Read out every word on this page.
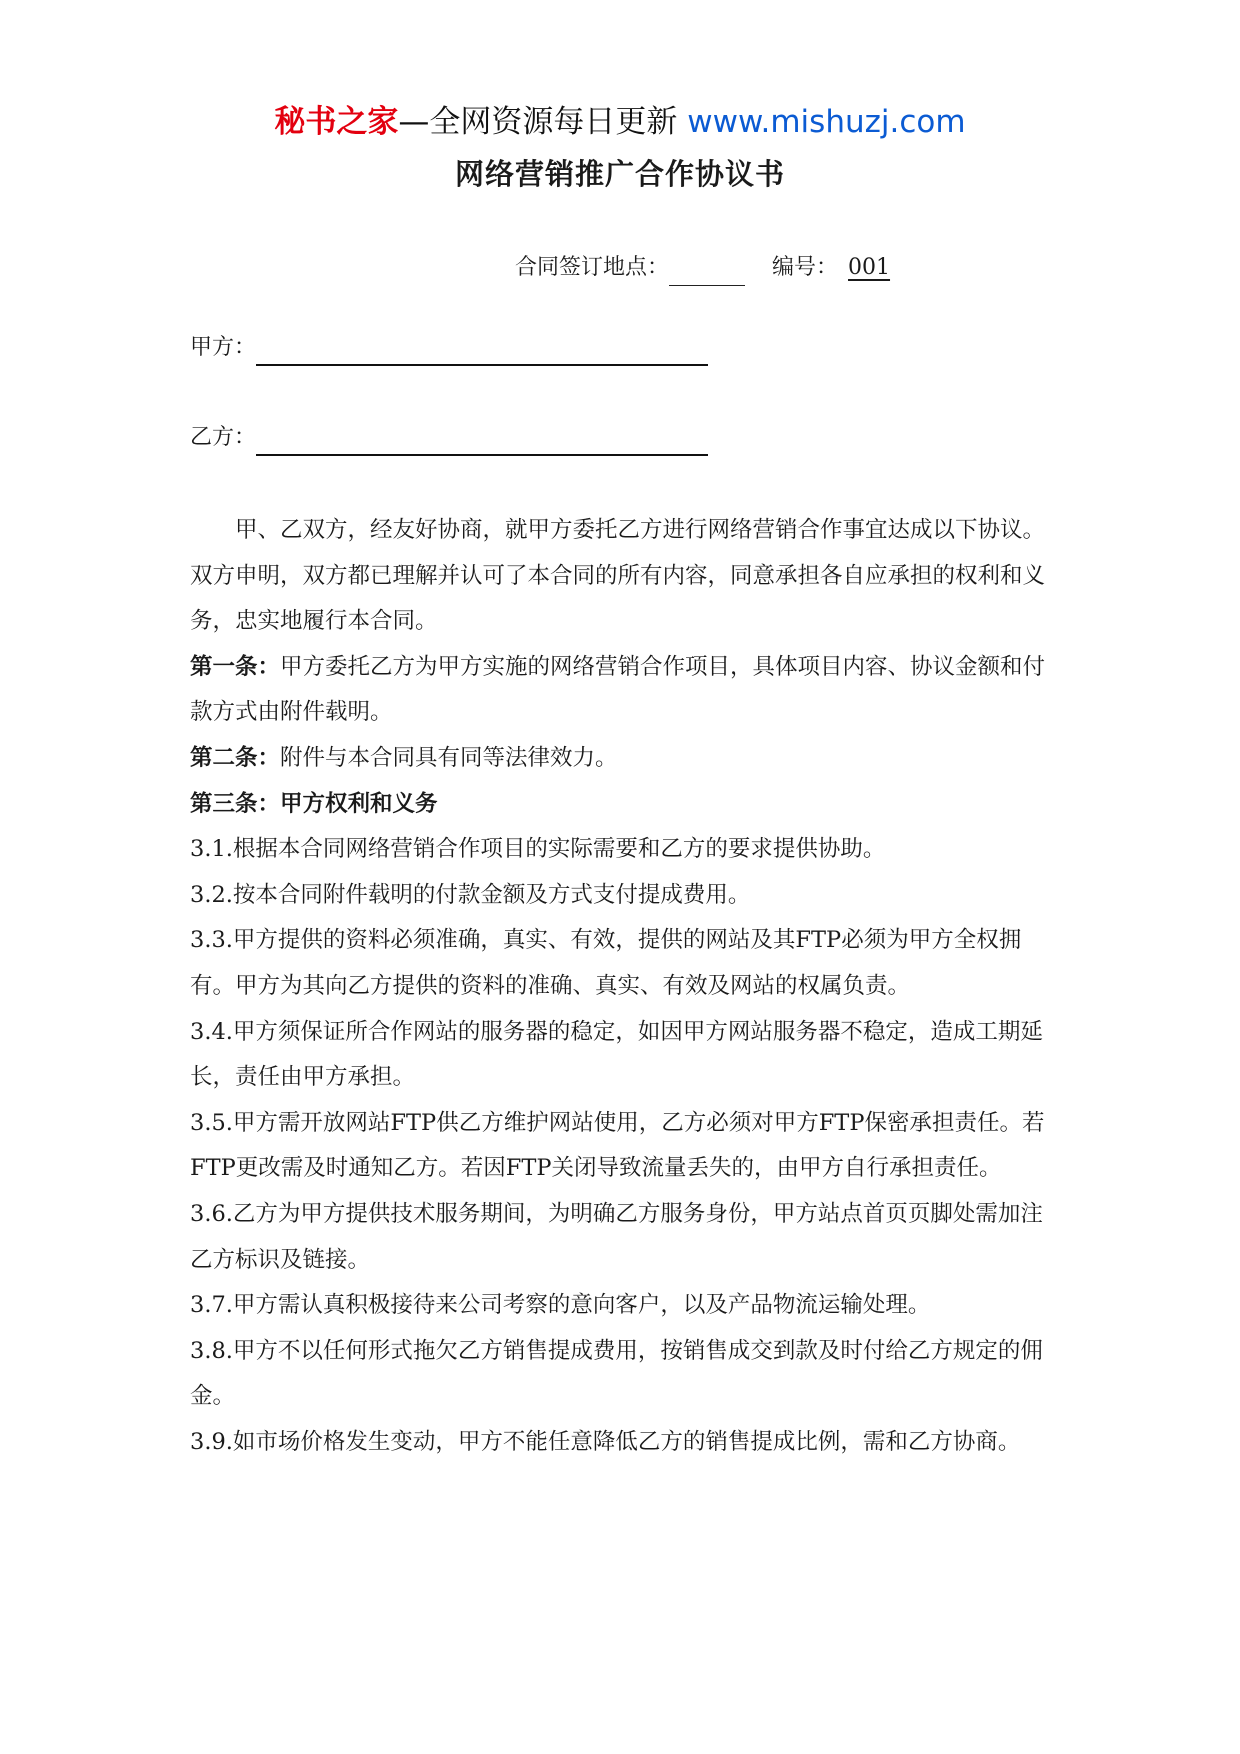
秘书之家—全网资源每日更新 www.mishuzj.com
网络营销推广合作协议书
合同签订地点：	编号： 001
甲方：
乙方：

甲、乙双方，经友好协商，就甲方委托乙方进行网络营销合作事宜达成以下协议。双方申明，双方都已理解并认可了本合同的所有内容，同意承担各自应承担的权利和义务，忠实地履行本合同。

第一条：甲方委托乙方为甲方实施的网络营销合作项目，具体项目内容、协议金额和付款方式由附件载明。

第二条：附件与本合同具有同等法律效力。

第三条：甲方权利和义务

3.1.根据本合同网络营销合作项目的实际需要和乙方的要求提供协助。

3.2.按本合同附件载明的付款金额及方式支付提成费用。

3.3.甲方提供的资料必须准确，真实、有效，提供的网站及其FTP必须为甲方全权拥有。甲方为其向乙方提供的资料的准确、真实、有效及网站的权属负责。

3.4.甲方须保证所合作网站的服务器的稳定，如因甲方网站服务器不稳定，造成工期延长，责任由甲方承担。

3.5.甲方需开放网站FTP供乙方维护网站使用，乙方必须对甲方FTP保密承担责任。若FTP更改需及时通知乙方。若因FTP关闭导致流量丢失的，由甲方自行承担责任。

3.6.乙方为甲方提供技术服务期间，为明确乙方服务身份，甲方站点首页页脚处需加注乙方标识及链接。

3.7.甲方需认真积极接待来公司考察的意向客户，以及产品物流运输处理。

3.8.甲方不以任何形式拖欠乙方销售提成费用，按销售成交到款及时付给乙方规定的佣金。

3.9.如市场价格发生变动，甲方不能任意降低乙方的销售提成比例，需和乙方协商。
